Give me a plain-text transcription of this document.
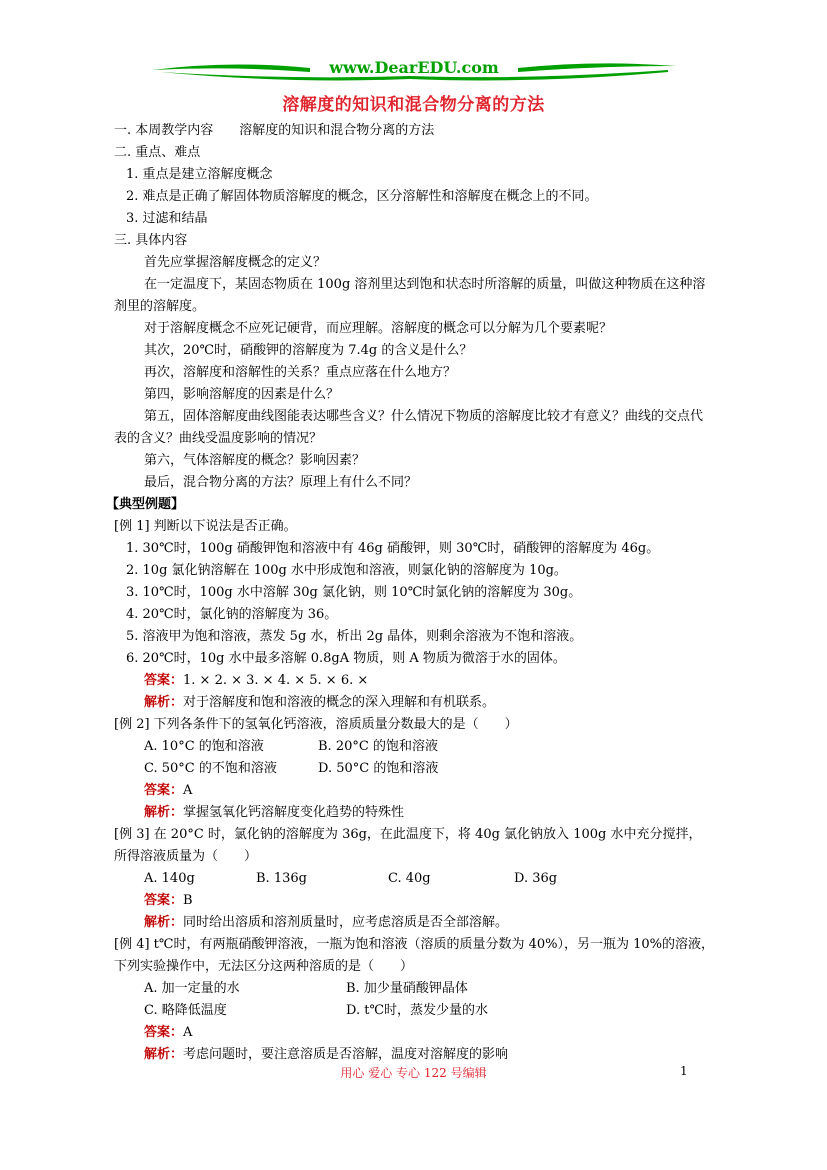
www.DearEDU.com
溶解度的知识和混合物分离的方法
一. 本周教学内容　　溶解度的知识和混合物分离的方法
二. 重点、难点
1. 重点是建立溶解度概念
2. 难点是正确了解固体物质溶解度的概念，区分溶解性和溶解度在概念上的不同。
3. 过滤和结晶
三. 具体内容
首先应掌握溶解度概念的定义？
在一定温度下，某固态物质在 100g 溶剂里达到饱和状态时所溶解的质量，叫做这种物质在这种溶剂里的溶解度。
对于溶解度概念不应死记硬背，而应理解。溶解度的概念可以分解为几个要素呢？
其次，20℃时，硝酸钾的溶解度为 7.4g 的含义是什么？
再次，溶解度和溶解性的关系？重点应落在什么地方？
第四，影响溶解度的因素是什么？
第五，固体溶解度曲线图能表达哪些含义？什么情况下物质的溶解度比较才有意义？曲线的交点代表的含义？曲线受温度影响的情况？
第六，气体溶解度的概念？影响因素？
最后，混合物分离的方法？原理上有什么不同？
【典型例题】
[例 1] 判断以下说法是否正确。
1. 30℃时，100g 硝酸钾饱和溶液中有 46g 硝酸钾，则 30℃时，硝酸钾的溶解度为 46g。
2. 10g 氯化钠溶解在 100g 水中形成饱和溶液，则氯化钠的溶解度为 10g。
3. 10℃时，100g 水中溶解 30g 氯化钠，则 10℃时氯化钠的溶解度为 30g。
4. 20℃时，氯化钠的溶解度为 36。
5. 溶液甲为饱和溶液，蒸发 5g 水，析出 2g 晶体，则剩余溶液为不饱和溶液。
6. 20℃时，10g 水中最多溶解 0.8gA 物质，则 A 物质为微溶于水的固体。
答案：1. × 2. × 3. × 4. × 5. × 6. ×
解析：对于溶解度和饱和溶液的概念的深入理解和有机联系。
[例 2] 下列各条件下的氢氧化钙溶液，溶质质量分数最大的是（　　）
A. 10°C 的饱和溶液	B. 20°C 的饱和溶液
C. 50°C 的不饱和溶液	D. 50°C 的饱和溶液
答案：A
解析：掌握氢氧化钙溶解度变化趋势的特殊性
[例 3] 在 20°C 时，氯化钠的溶解度为 36g，在此温度下，将 40g 氯化钠放入 100g 水中充分搅拌，所得溶液质量为（　　）
A. 140g	B. 136g	C. 40g	D. 36g
答案：B
解析：同时给出溶质和溶剂质量时，应考虑溶质是否全部溶解。
[例 4] t℃时，有两瓶硝酸钾溶液，一瓶为饱和溶液（溶质的质量分数为 40%），另一瓶为 10%的溶液，下列实验操作中，无法区分这两种溶质的是（　　）
A. 加一定量的水	B. 加少量硝酸钾晶体
C. 略降低温度	D. t℃时，蒸发少量的水
答案：A
解析：考虑问题时，要注意溶质是否溶解，温度对溶解度的影响
用心 爱心 专心 122 号编辑	1
